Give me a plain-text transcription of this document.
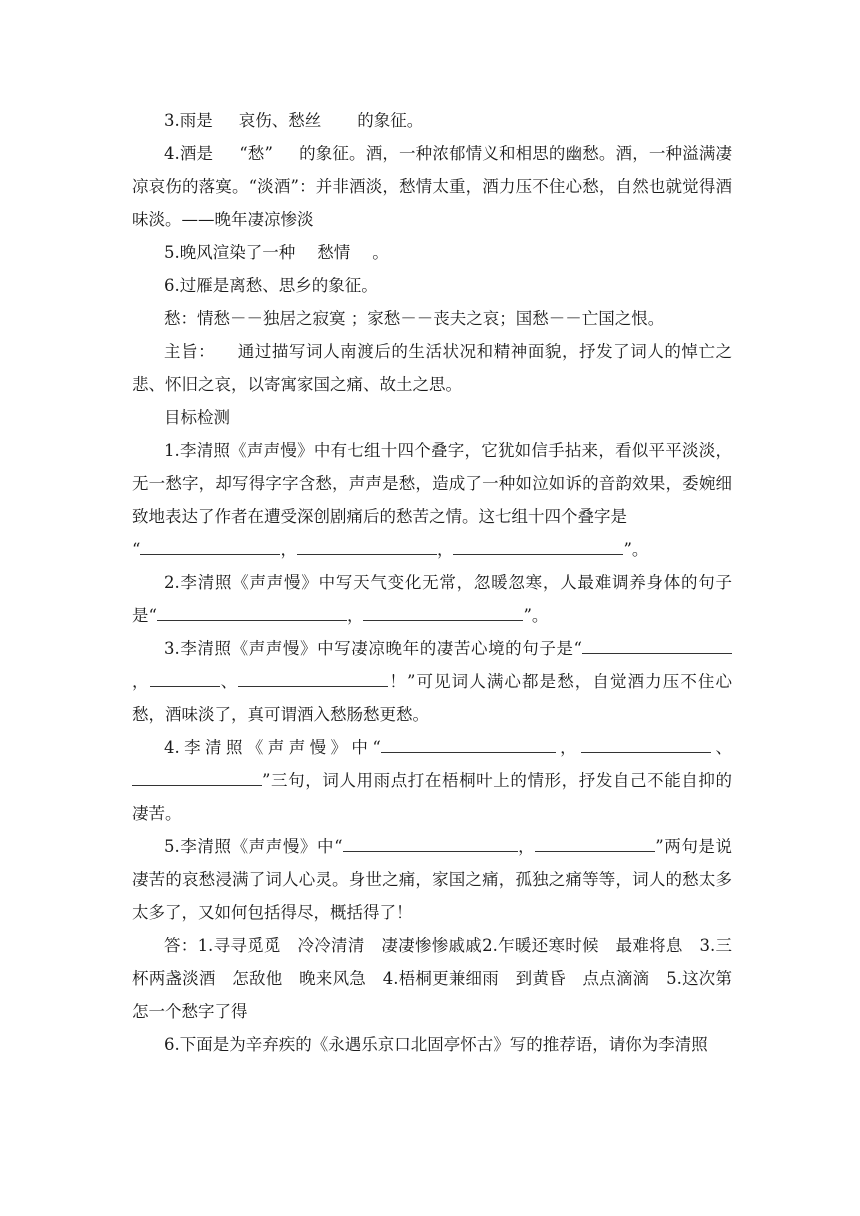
3.雨是 哀伤、愁丝 的象征。

4.酒是 “愁” 的象征。酒，一种浓郁情义和相思的幽愁。酒，一种溢满凄凉哀伤的落寞。“淡酒”：并非酒淡，愁情太重，酒力压不住心愁，自然也就觉得酒味淡。——晚年凄凉惨淡

5.晚风渲染了一种 愁情 。

6.过雁是离愁、思乡的象征。

愁：情愁－－独居之寂寞 ；家愁－－丧夫之哀；国愁－－亡国之恨。

主旨： 通过描写词人南渡后的生活状况和精神面貌，抒发了词人的悼亡之悲、怀旧之哀，以寄寓家国之痛、故土之思。

目标检测

1.李清照《声声慢》中有七组十四个叠字，它犹如信手拈来，看似平平淡淡，无一愁字，却写得字字含愁，声声是愁，造成了一种如泣如诉的音韵效果，委婉细致地表达了作者在遭受深创剧痛后的愁苦之情。这七组十四个叠字是
“	，	，	”。

2.李清照《声声慢》中写天气变化无常，忽暖忽寒，人最难调养身体的句子是“	，	”。

3.李清照《声声慢》中写凄凉晚年的凄苦心境的句子是“，	、	！”可见词人满心都是愁，自觉酒力压不住心愁，酒味淡了，真可谓酒入愁肠愁更愁。

4.李清照《声声慢》中“	，	、”三句，词人用雨点打在梧桐叶上的情形，抒发自己不能自抑的凄苦。

5.李清照《声声慢》中“	，	”两句是说凄苦的哀愁浸满了词人心灵。身世之痛，家国之痛，孤独之痛等等，词人的愁太多太多了，又如何包括得尽，概括得了！

答：1.寻寻觅觅　冷冷清清　凄凄惨惨戚戚2.乍暖还寒时候　最难将息　 3.三杯两盏淡酒　怎敌他　晚来风急　 4.梧桐更兼细雨　到黄昏　点点滴滴　 5.这次第　怎一个愁字了得

6.下面是为辛弃疾的《永遇乐京口北固亭怀古》写的推荐语，请你为李清照
